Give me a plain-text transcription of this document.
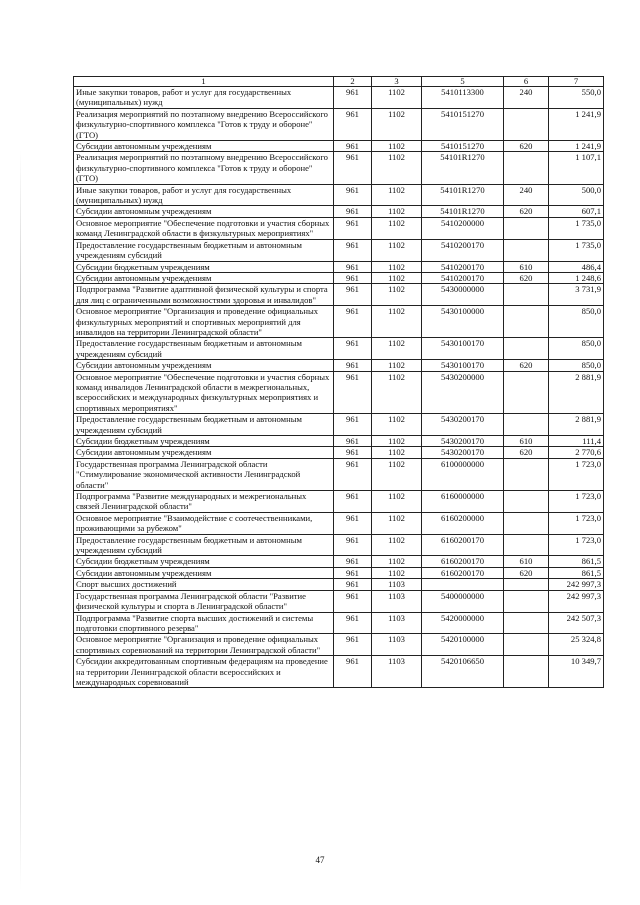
1	2	3	5	6	7
Иные закупки товаров, работ и услуг для государственных (муниципальных) нужд	961	1102	5410113300	240	550,0
Реализация мероприятий по поэтапному внедрению Всероссийского физкультурно-спортивного комплекса "Готов к труду и обороне" (ГТО)	961	1102	5410151270		1 241,9
Субсидии автономным учреждениям	961	1102	5410151270	620	1 241,9
Реализация мероприятий по поэтапному внедрению Всероссийского физкультурно-спортивного комплекса "Готов к труду и обороне" (ГТО)	961	1102	54101R1270		1 107,1
Иные закупки товаров, работ и услуг для государственных (муниципальных) нужд	961	1102	54101R1270	240	500,0
Субсидии автономным учреждениям	961	1102	54101R1270	620	607,1
Основное мероприятие "Обеспечение подготовки и участия сборных команд Ленинградской области в физкультурных мероприятиях"	961	1102	5410200000		1 735,0
Предоставление государственным бюджетным и автономным учреждениям субсидий	961	1102	5410200170		1 735,0
Субсидии бюджетным учреждениям	961	1102	5410200170	610	486,4
Субсидии автономным учреждениям	961	1102	5410200170	620	1 248,6
Подпрограмма "Развитие адаптивной физической культуры и спорта для лиц с ограниченными возможностями здоровья и инвалидов"	961	1102	5430000000		3 731,9
Основное мероприятие "Организация и проведение официальных физкультурных мероприятий и спортивных мероприятий для инвалидов на территории Ленинградской области"	961	1102	5430100000		850,0
Предоставление государственным бюджетным и автономным учреждениям субсидий	961	1102	5430100170		850,0
Субсидии автономным учреждениям	961	1102	5430100170	620	850,0
Основное мероприятие "Обеспечение подготовки и участия сборных команд инвалидов Ленинградской области в межрегиональных, всероссийских и международных физкультурных мероприятиях и спортивных мероприятиях"	961	1102	5430200000		2 881,9
Предоставление государственным бюджетным и автономным учреждениям субсидий	961	1102	5430200170		2 881,9
Субсидии бюджетным учреждениям	961	1102	5430200170	610	111,4
Субсидии автономным учреждениям	961	1102	5430200170	620	2 770,6
Государственная программа Ленинградской области "Стимулирование экономической активности Ленинградской области"	961	1102	6100000000		1 723,0
Подпрограмма "Развитие международных и межрегиональных связей Ленинградской области"	961	1102	6160000000		1 723,0
Основное мероприятие "Взаимодействие с соотечественниками, проживающими за рубежом"	961	1102	6160200000		1 723,0
Предоставление государственным бюджетным и автономным учреждениям субсидий	961	1102	6160200170		1 723,0
Субсидии бюджетным учреждениям	961	1102	6160200170	610	861,5
Субсидии автономным учреждениям	961	1102	6160200170	620	861,5
Спорт высших достижений	961	1103			242 997,3
Государственная программа Ленинградской области "Развитие физической культуры и спорта в Ленинградской области"	961	1103	5400000000		242 997,3
Подпрограмма "Развитие спорта высших достижений и системы подготовки спортивного резерва"	961	1103	5420000000		242 507,3
Основное мероприятие "Организация и проведение официальных спортивных соревнований на территории Ленинградской области"	961	1103	5420100000		25 324,8
Субсидии аккредитованным спортивным федерациям на проведение на территории Ленинградской области всероссийских и международных соревнований	961	1103	5420106650		10 349,7
47
